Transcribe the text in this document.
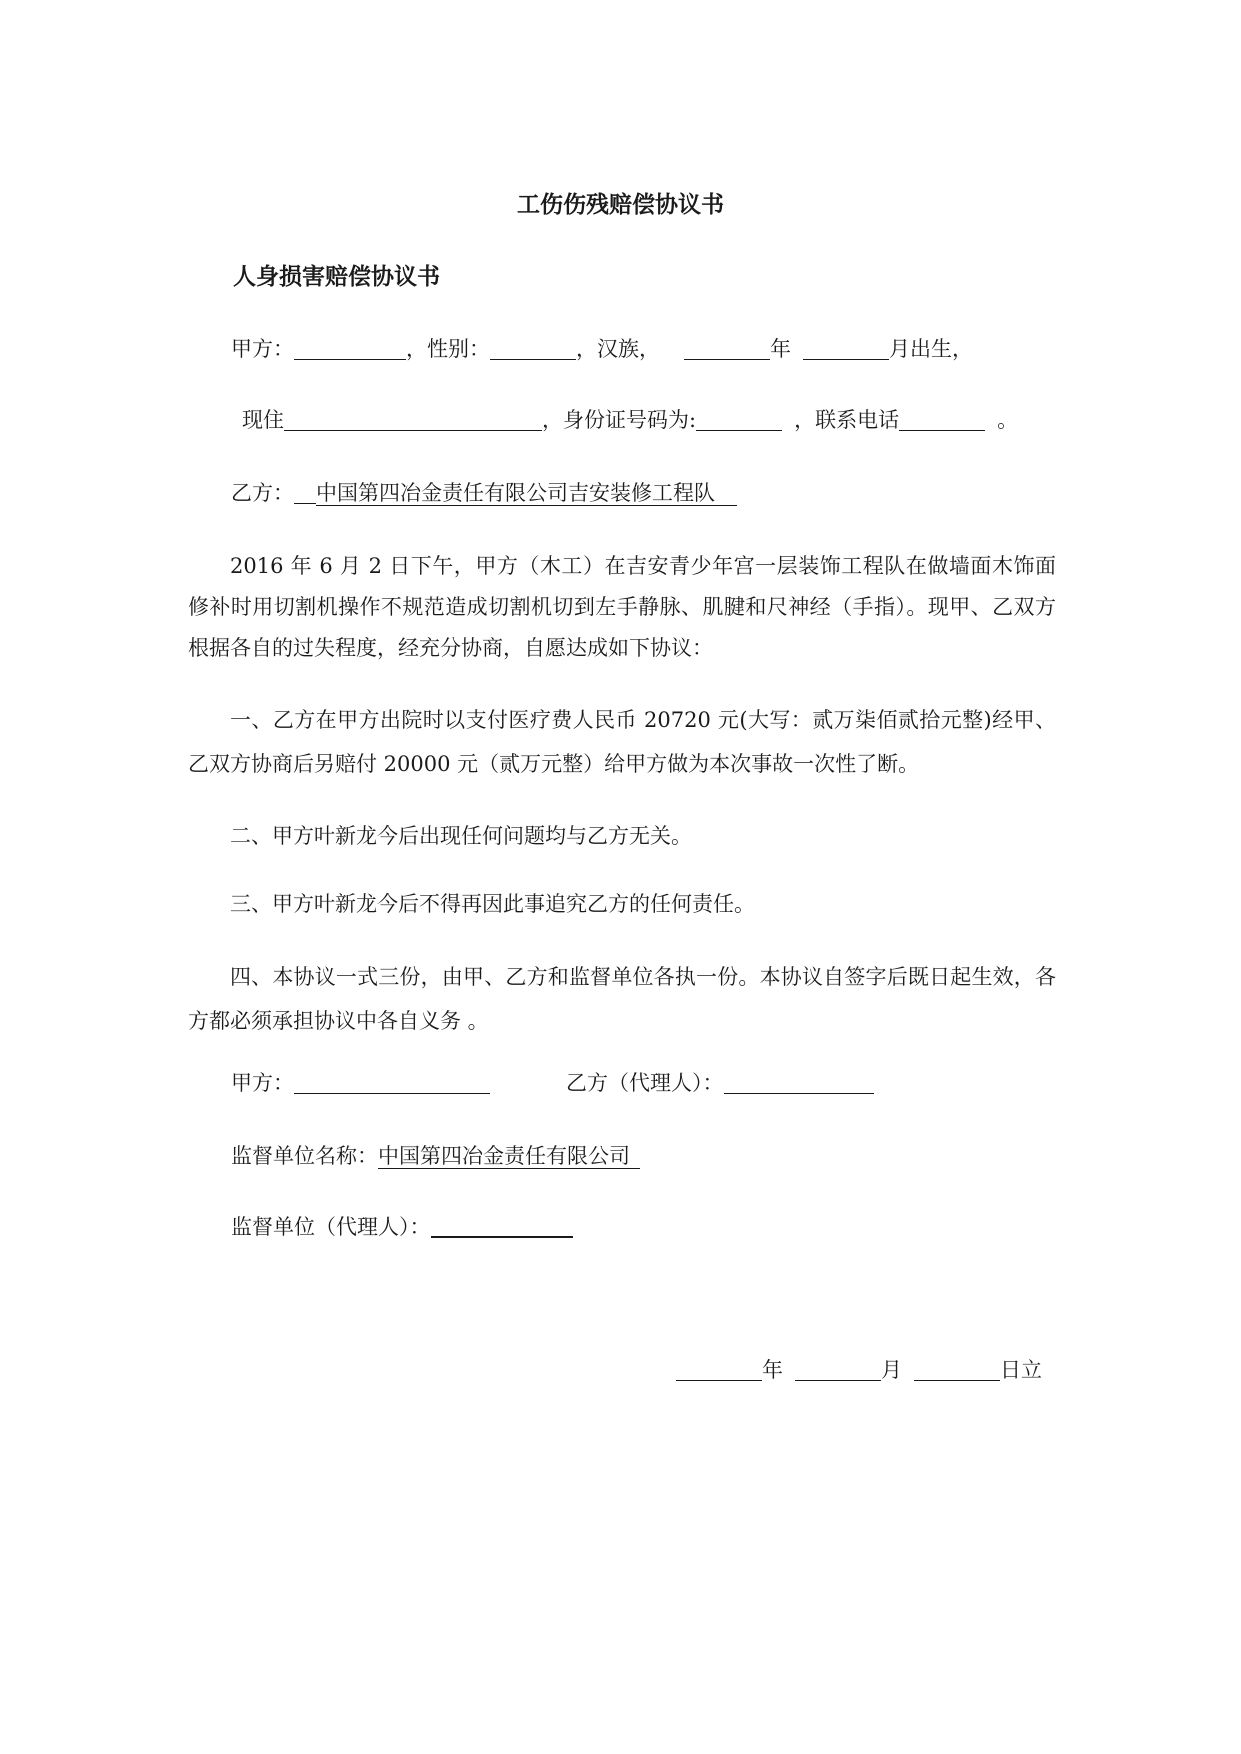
工伤伤残赔偿协议书
人身损害赔偿协议书
甲方：	，性别：	，汉族，	年	月出生，
现住	，身份证号码为:	，联系电话	。
乙方： 中国第四冶金责任有限公司吉安装修工程队
2016 年 6 月 2 日下午，甲方（木工）在吉安青少年宫一层装饰工程队在做墙面木饰面修补时用切割机操作不规范造成切割机切到左手静脉、肌腱和尺神经（手指）。现甲、乙双方根据各自的过失程度，经充分协商，自愿达成如下协议：
一、乙方在甲方出院时以支付医疗费人民币 20720 元(大写：贰万柒佰贰拾元整)经甲、乙双方协商后另赔付 20000 元（贰万元整）给甲方做为本次事故一次性了断。
二、甲方叶新龙今后出现任何问题均与乙方无关。
三、甲方叶新龙今后不得再因此事追究乙方的任何责任。
四、本协议一式三份，由甲、乙方和监督单位各执一份。本协议自签字后既日起生效，各方都必须承担协议中各自义务 。
甲方：	乙方（代理人）：
监督单位名称：中国第四冶金责任有限公司
监督单位（代理人）：
年	月	日立
